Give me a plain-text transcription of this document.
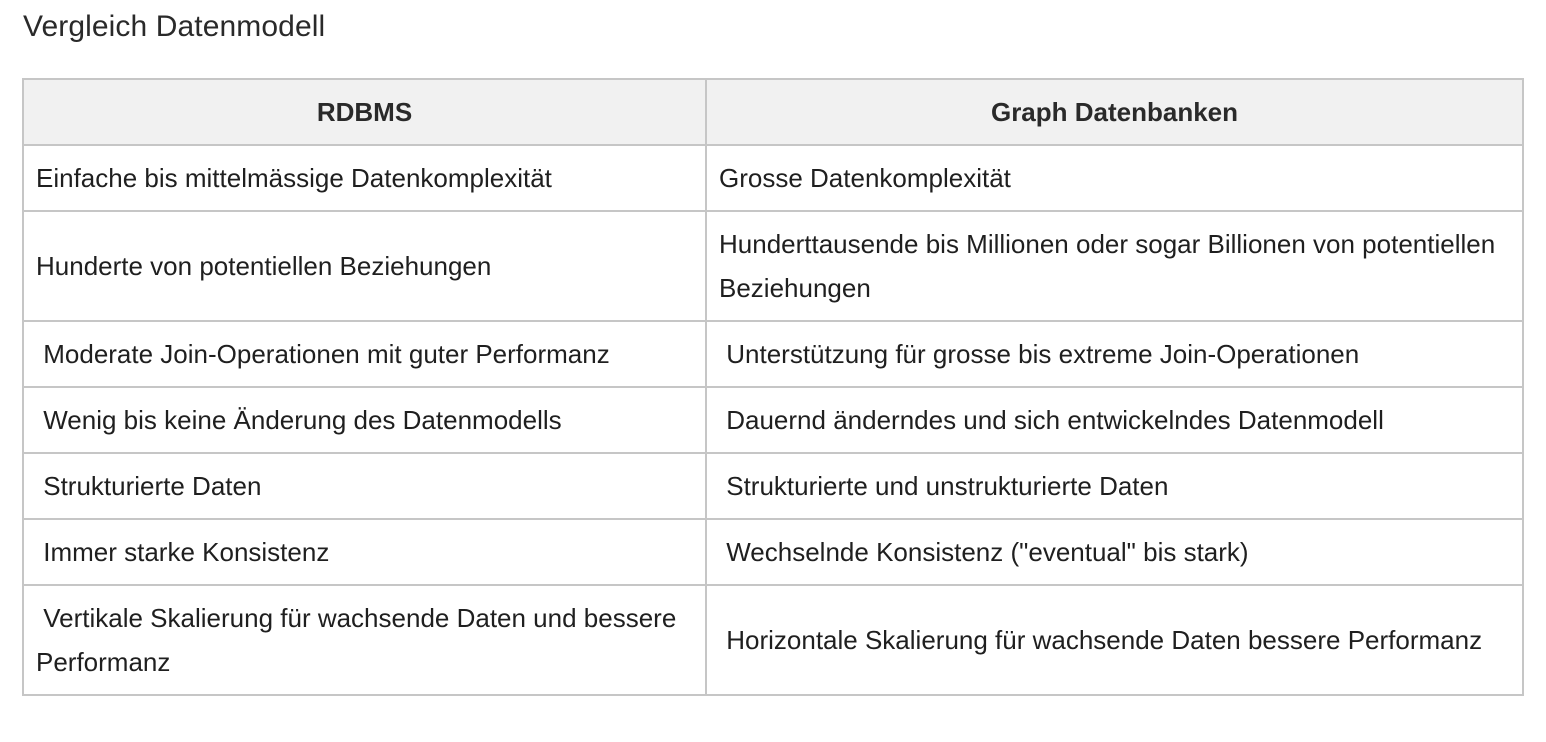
Vergleich Datenmodell
RDBMS	Graph Datenbanken
Einfache bis mittelmässige Datenkomplexität	Grosse Datenkomplexität
Hunderte von potentiellen Beziehungen	Hunderttausende bis Millionen oder sogar Billionen von potentiellen Beziehungen
Moderate Join-Operationen mit guter Performanz	Unterstützung für grosse bis extreme Join-Operationen
Wenig bis keine Änderung des Datenmodells	Dauernd änderndes und sich entwickelndes Datenmodell
Strukturierte Daten	Strukturierte und unstrukturierte Daten
Immer starke Konsistenz	Wechselnde Konsistenz ("eventual" bis stark)
Vertikale Skalierung für wachsende Daten und bessere Performanz	Horizontale Skalierung für wachsende Daten bessere Performanz
